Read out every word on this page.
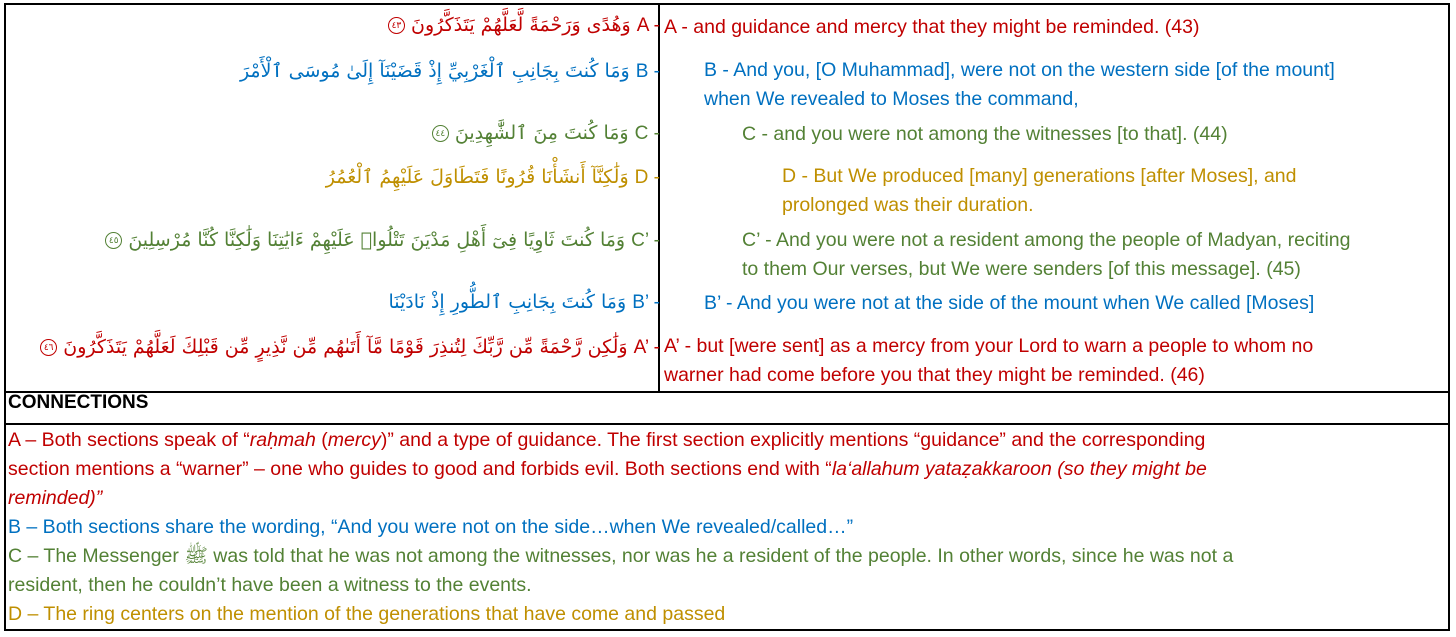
٤٣ وَهُدًى وَرَحْمَةً لَّعَلَّهُمْ يَتَذَكَّرُونَ A -
وَمَا كُنتَ بِجَانِبِ ٱلْغَرْبِيِّ إِذْ قَضَيْنَآ إِلَىٰ مُوسَى ٱلْأَمْرَ B -
٤٤ وَمَا كُنتَ مِنَ ٱلشَّٰهِدِينَ C -
وَلَٰكِنَّآ أَنشَأْنَا قُرُونًا فَتَطَاوَلَ عَلَيْهِمُ ٱلْعُمُرُ D -
٤٥ وَمَا كُنتَ ثَاوِيًا فِىٓ أَهْلِ مَدْيَنَ تَتْلُوا۟ عَلَيْهِمْ ءَايَٰتِنَا وَلَٰكِنَّا كُنَّا مُرْسِلِينَ C’ -
وَمَا كُنتَ بِجَانِبِ ٱلطُّورِ إِذْ نَادَيْنَا B’ -
٤٦ وَلَٰكِن رَّحْمَةً مِّن رَّبِّكَ لِتُنذِرَ قَوْمًا مَّآ أَتَىٰهُم مِّن نَّذِيرٍ مِّن قَبْلِكَ لَعَلَّهُمْ يَتَذَكَّرُونَ A’ -
A - and guidance and mercy that they might be reminded. (43)
B - And you, [O Muhammad], were not on the western side [of the mount]
when We revealed to Moses the command,
C - and you were not among the witnesses [to that]. (44)
D - But We produced [many] generations [after Moses], and
prolonged was their duration.
C’ - And you were not a resident among the people of Madyan, reciting
to them Our verses, but We were senders [of this message]. (45)
B’ - And you were not at the side of the mount when We called [Moses]
A’ - but [were sent] as a mercy from your Lord to warn a people to whom no
warner had come before you that they might be reminded. (46)
CONNECTIONS
A – Both sections speak of “raḥmah (mercy)” and a type of guidance. The first section explicitly mentions “guidance” and the corresponding
section mentions a “warner” – one who guides to good and forbids evil. Both sections end with “la‘allahum yataẓakkaroon (so they might be
reminded)”
B – Both sections share the wording, “And you were not on the side…when We revealed/called…”
C – The Messenger ﷺ was told that he was not among the witnesses, nor was he a resident of the people. In other words, since he was not a
resident, then he couldn’t have been a witness to the events.
D – The ring centers on the mention of the generations that have come and passed
